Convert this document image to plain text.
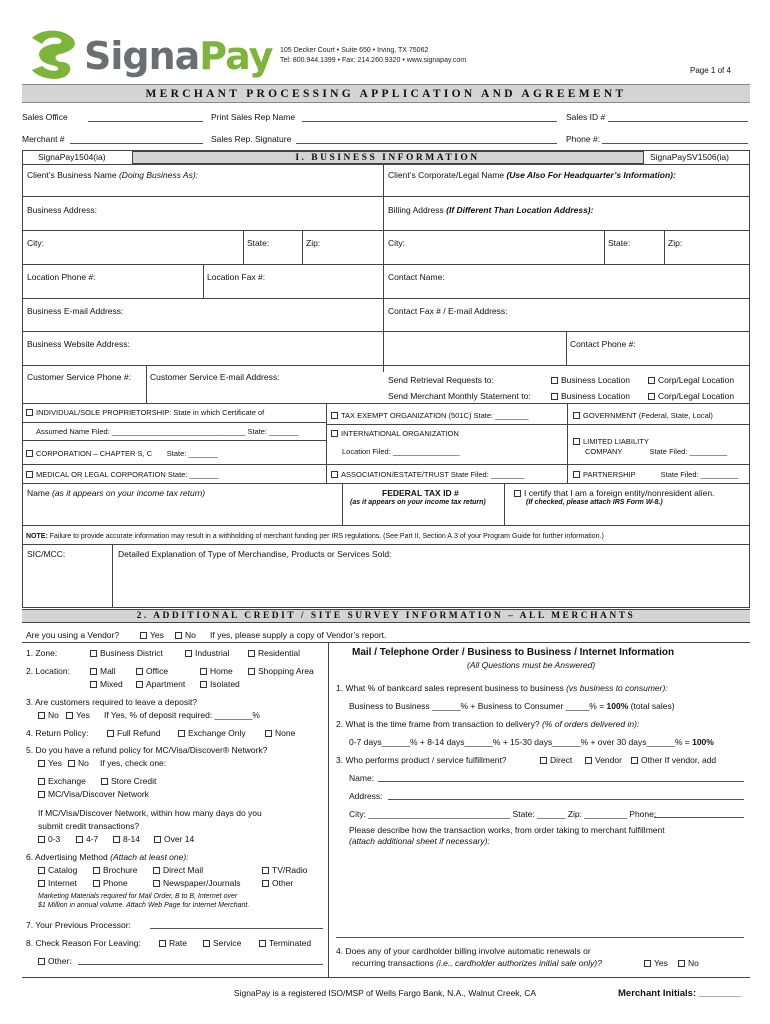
SignaPay 105 Decker Court • Suite 650 • Irving, TX 75062
Tel: 800.944.1399 • Fax: 214.260.9320 • www.signapay.com
Page 1 of 4
MERCHANT PROCESSING APPLICATION AND AGREEMENT
Sales Office	Print Sales Rep Name	Sales ID #
Merchant #	Sales Rep. Signature	Phone #:
I. BUSINESS INFORMATION
SignaPay1504(ia)	SignaPaySV1506(ia)
Client’s Business Name (Doing Business As):	Client’s Corporate/Legal Name (Use Also For Headquarter’s Information):
Business Address:	Billing Address (If Different Than Location Address):
City:	State:	Zip:	City:	State:	Zip:
Location Phone #:	Location Fax #:	Contact Name:
Business E-mail Address:	Contact Fax # / E-mail Address:
Business Website Address:	Contact Phone #:
Customer Service Phone #: Customer Service E-mail Address:	Send Retrieval Requests to:	Business Location	Corp/Legal Location
Send Merchant Monthly Statement to:	Business Location	Corp/Legal Location
INDIVIDUAL/SOLE PROPRIETORSHIP: State in which Certificate of
Assumed Name Filed: ________________________________ State: _______
CORPORATION – CHAPTER S, C State: _______
MEDICAL OR LEGAL CORPORATION State: _______
TAX EXEMPT ORGANIZATION (501C) State: ________
INTERNATIONAL ORGANIZATION
Location Filed: ________________
ASSOCIATION/ESTATE/TRUST State Filed: ________
GOVERNMENT (Federal, State, Local)
LIMITED LIABILITY
COMPANY	State Filed: _________
PARTNERSHIP	State Filed: _________
Name (as it appears on your income tax return)	FEDERAL TAX ID #
(as it appears on your income tax return)
I certify that I am a foreign entity/nonresident alien.
(If checked, please attach IRS Form W-8.)
NOTE: Failure to provide accurate information may result in a withholding of merchant funding per IRS regulations. (See Part II, Section A.3 of your Program Guide for further information.)
SIC/MCC:	Detailed Explanation of Type of Merchandise, Products or Services Sold:
2. ADDITIONAL CREDIT / SITE SURVEY INFORMATION – ALL MERCHANTS
Are you using a Vendor?	Yes	No If yes, please supply a copy of Vendor’s report.
1. Zone:	Business District	Industrial	Residential
2. Location:	Mall	Office	Home	Shopping Area
Mixed	Apartment	Isolated
3. Are customers required to leave a deposit?
No	Yes If Yes, % of deposit required: ________%
4. Return Policy:	Full Refund	Exchange Only	None
5. Do you have a refund policy for MC/Visa/Discover® Network?
Yes	No If yes, check one:
Exchange	Store Credit
MC/Visa/Discover Network
If MC/Visa/Discover Network, within how many days do you
submit credit transactions?
0-3	4-7	8-14	Over 14
6. Advertising Method (Attach at least one):
Catalog	Brochure	Direct Mail	TV/Radio
Internet	Phone	Newspaper/Journals	Other
Marketing Materials required for Mail Order, B to B, Internet over
$1 Million in annual volume. Attach Web Page for Internet Merchant.
7. Your Previous Processor:
8. Check Reason For Leaving:	Rate	Service	Terminated
Other:
Mail / Telephone Order / Business to Business / Internet Information
(All Questions must be Answered)
1. What % of bankcard sales represent business to business (vs business to consumer):
Business to Business ______% + Business to Consumer _____% = 100% (total sales)
2. What is the time frame from transaction to delivery? (% of orders delivered in):
0-7 days______% + 8-14 days______% + 15-30 days______% + over 30 days______% = 100%
3. Who performs product / service fulfillment?	Direct	Vendor	Other If vendor, add
Name:
Address:
City: ______________________________ State: ______ Zip: _________ Phone:
Please describe how the transaction works, from order taking to merchant fulfillment
(attach additional sheet if necessary):
4. Does any of your cardholder billing involve automatic renewals or
recurring transactions (i.e., cardholder authorizes initial sale only)?	Yes	No
SignaPay is a registered ISO/MSP of Wells Fargo Bank, N.A., Walnut Creek, CA	Merchant Initials: ________
